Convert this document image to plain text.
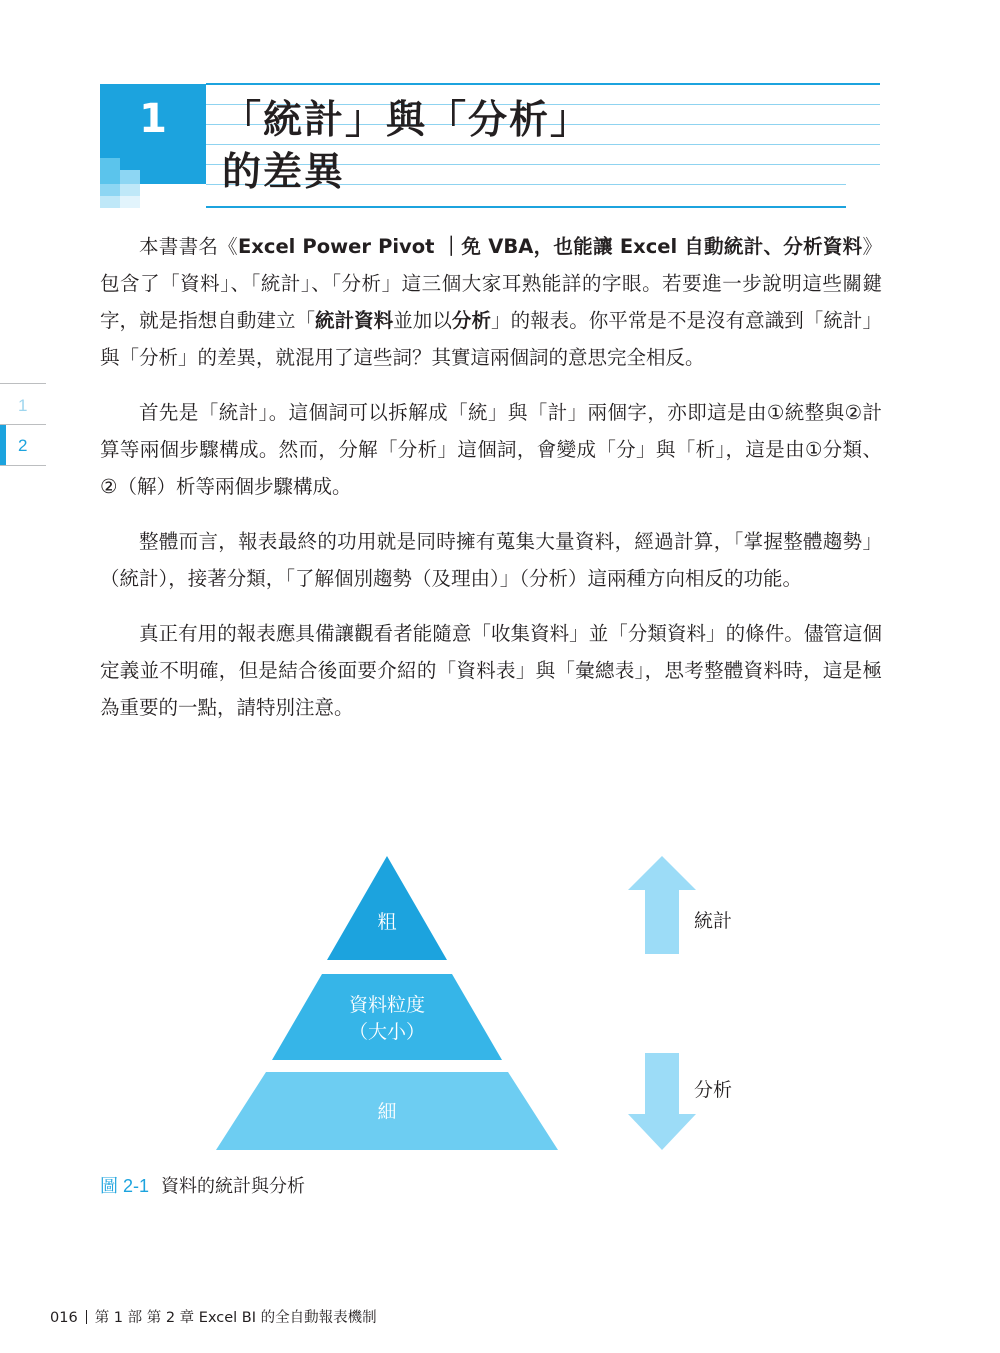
1	「統計」與「分析」
的差異
1
2

本書書名《Excel Power Pivot ｜免 VBA，也能讓 Excel 自動統計、分析資料》包含了「資料」、「統計」、「分析」這三個大家耳熟能詳的字眼。若要進一步說明這些關鍵字，就是指想自動建立「統計資料並加以分析」的報表。你平常是不是沒有意識到「統計」與「分析」的差異，就混用了這些詞？其實這兩個詞的意思完全相反。

首先是「統計」。這個詞可以拆解成「統」與「計」兩個字，亦即這是由①統整與②計算等兩個步驟構成。然而，分解「分析」這個詞，會變成「分」與「析」，這是由①分類、②（解）析等兩個步驟構成。

整體而言，報表最終的功用就是同時擁有蒐集大量資料，經過計算，「掌握整體趨勢」（統計），接著分類，「了解個別趨勢（及理由）」（分析）這兩種方向相反的功能。

真正有用的報表應具備讓觀看者能隨意「收集資料」並「分類資料」的條件。儘管這個定義並不明確，但是結合後面要介紹的「資料表」與「彙總表」，思考整體資料時，這是極為重要的一點，請特別注意。

粗
資料粒度
（大小）
細
統計
分析
圖 2-1 資料的統計與分析
016 第 1 部 第 2 章 Excel BI 的全自動報表機制
